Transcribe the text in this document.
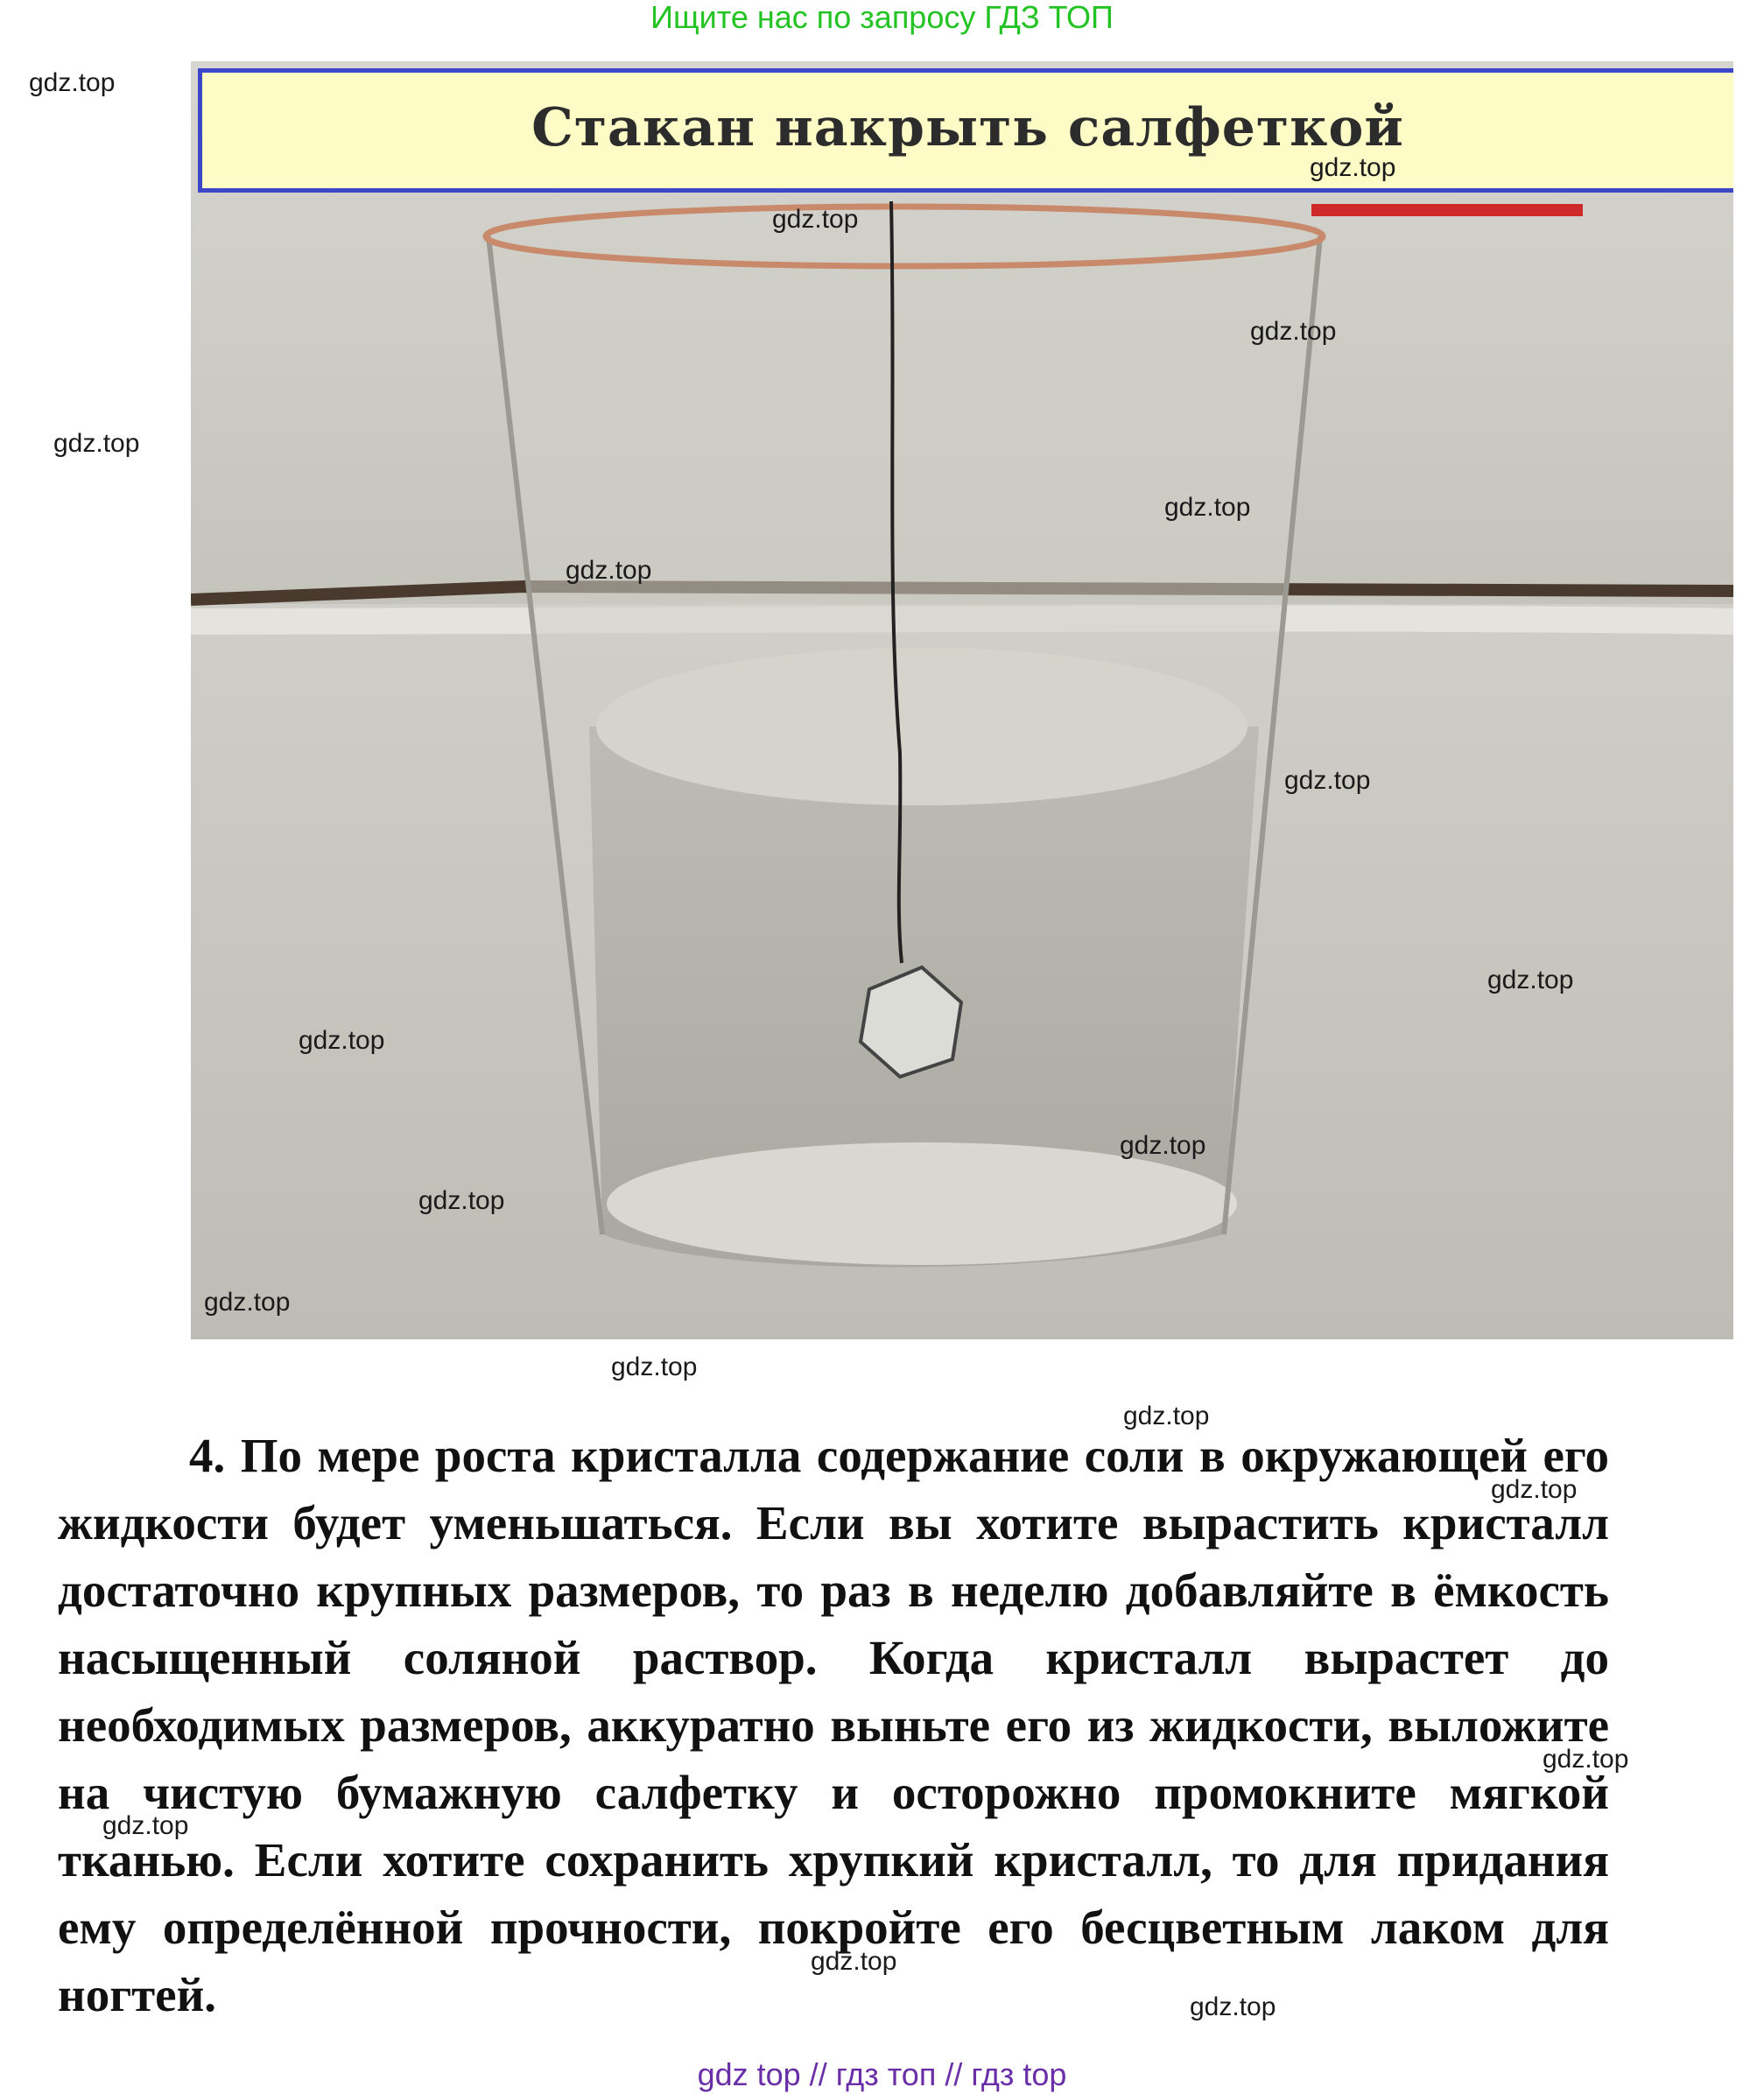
Ищите нас по запросу ГДЗ ТОП
Стакан накрыть салфеткой

4. По мере роста кристалла содержание соли в окружающей его жидкости будет уменьшаться. Если вы хотите вырастить кристалл достаточно крупных размеров, то раз в неделю добавляйте в ёмкость насыщенный соляной раствор. Когда кристалл вырастет до необходимых размеров, аккуратно выньте его из жидкости, выложите на чистую бумажную салфетку и осторожно промокните мягкой тканью. Если хотите сохранить хрупкий кристалл, то для придания ему определённой прочности, покройте его бесцветным лаком для ногтей.

gdz.top
gdz.top
gdz.top
gdz.top
gdz.top
gdz.top
gdz.top
gdz.top
gdz.top
gdz.top
gdz.top
gdz.top
gdz.top
gdz.top
gdz.top
gdz.top
gdz.top
gdz.top
gdz.top
gdz.top
gdz top // гдз топ // гдз top
